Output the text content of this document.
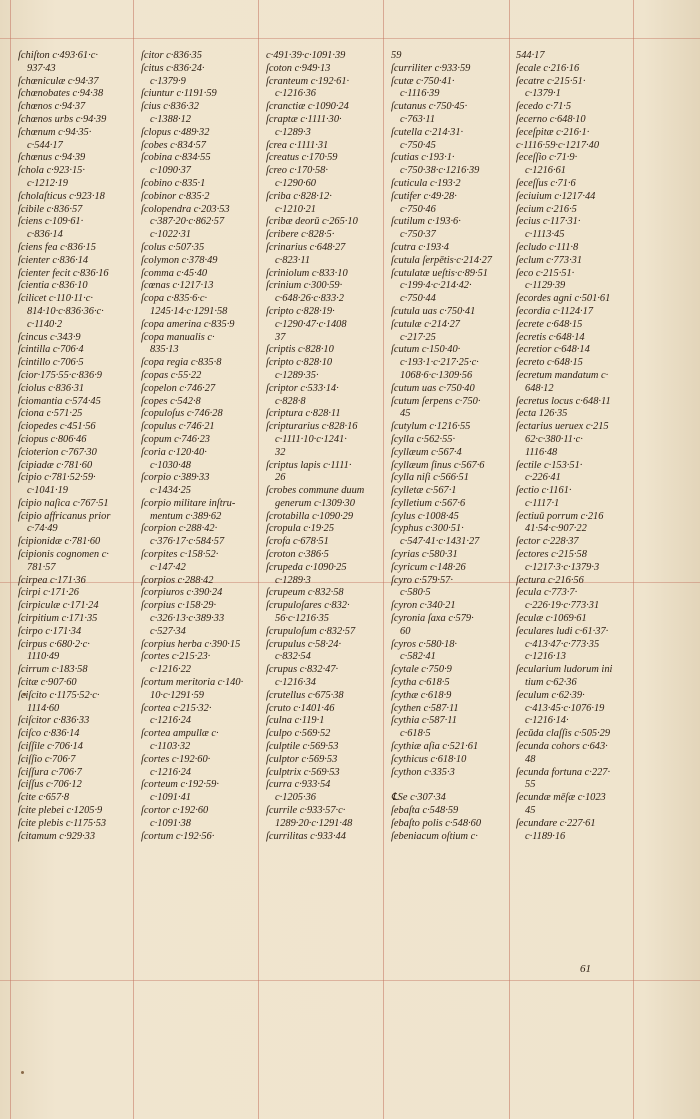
ſchiſton c·493·61·c·
937·43
ſchœniculæ c·94·37
ſchœnobates c·94·38
ſchœnos c·94·37
ſchœnos urbs c·94·39
ſchœnum c·94·35·
c·544·17
ſchœnus c·94·39
ſchola c·923·15·
c·1212·19
ſcholaſticus c·923·18
ſcibile c·836·57
ſciens c·109·61·
c·836·14
ſciens fea c·836·15
ſcienter c·836·14
ſcienter fecit c·836·16
ſcientia c·836·10
ſcilicet c·110·11·c·
814·10·c·836·36·c·
c·1140·2
ſcincus c·343·9
ſcintilla c·706·4
ſcintillo c·706·5
ſcior·175·55·c·836·9
ſciolus c·836·31
ſciomantia c·574·45
ſciona c·571·25
ſciopedes c·451·56
ſciopus c·806·46
ſcioterion c·767·30
ſcipiadæ c·781·60
ſcipio c·781·52·59·
c·1041·19
ſcipio naſica c·767·51
ſcipio affricanus prior
c·74·49
ſcipionidæ c·781·60
ſcipionis cognomen c·
781·57
ſcirpea c·171·36
ſcirpi c·171·26
ſcirpiculæ c·171·24
ſcirpitium c·171·35
ſcirpo c·171·34
ſcirpus c·680·2·c·
1110·49
ſcirrum c·183·58
ſcitæ c·907·60
ſciſcito c·1175·52·c·
1114·60
ſciſcitor c·836·33
ſciſco c·836·14
ſciſſile c·706·14
ſciſſio c·706·7
ſciſſura c·706·7
ſciſſus c·706·12
ſcite c·657·8
ſcite plebei c·1205·9
ſcite plebis c·1175·53
ſcitamum c·929·33
ſcitor c·836·35
ſcitus c·836·24·
c·1379·9
ſciuntur c·1191·59
ſcius c·836·32
c·1388·12
ſclopus c·489·32
ſcobes c·834·57
ſcobina c·834·55
c·1090·37
ſcobino c·835·1
ſcobinor c·835·2
ſcolopendra c·203·53
c·387·20·c·862·57
c·1022·31
ſcolus c·507·35
ſcolymon c·378·49
ſcomma c·45·40
ſcœnas c·1217·13
ſcopa c·835·6·c·
1245·14·c·1291·58
ſcopa amerina c·835·9
ſcopa manualis c·
835·13
ſcopa regia c·835·8
ſcopas c·55·22
ſcopelon c·746·27
ſcopes c·542·8
ſcopuloſus c·746·28
ſcopulus c·746·21
ſcopum c·746·23
ſcoria c·120·40·
c·1030·48
ſcorpio c·389·33
c·1434·25
ſcorpio militare inſtru-
mentum c·389·62
ſcorpion c·288·42·
c·376·17·c·584·57
ſcorpites c·158·52·
c·147·42
ſcorpios c·288·42
ſcorpiuros c·390·24
ſcorpius c·158·29·
c·326·13·c·389·33
c·527·34
ſcorpius herba c·390·15
ſcortes c·215·23·
c·1216·22
ſcortum meritoria c·140·
10·c·1291·59
ſcortea c·215·32·
c·1216·24
ſcortea ampullæ c·
c·1103·32
ſcortes c·192·60·
c·1216·24
ſcorteum c·192·59·
c·1091·41
ſcortor c·192·60
c·1091·38
ſcortum c·192·56·
c·491·39·c·1091·39
ſcoton c·949·13
ſcranteum c·192·61·
c·1216·36
ſcranctiæ c·1090·24
ſcraptæ c·1111·30·
c·1289·3
ſcrea c·1111·31
ſcreatus c·170·59
ſcreo c·170·58·
c·1290·60
ſcriba c·828·12·
c·1210·21
ſcribæ deorū c·265·10
ſcribere c·828·5·
ſcrinarius c·648·27
c·823·11
ſcriniolum c·833·10
ſcrinium c·300·59·
c·648·26·c·833·2
ſcripto c·828·19·
c·1290·47·c·1408
37
ſcriptis c·828·10
ſcripto c·828·10
c·1289·35·
ſcriptor c·533·14·
c·828·8
ſcriptura c·828·11
ſcripturarius c·828·16
c·1111·10·c·1241·
32
ſcriptus lapis c·1111·
26
ſcrobes commune duum
generum c·1309·30
ſcrotabilla c·1090·29
ſcropula c·19·25
ſcrofa c·678·51
ſcroton c·386·5
ſcrupeda c·1090·25
c·1289·3
ſcrupeum c·832·58
ſcrupuloſares c·832·
56·c·1216·35
ſcrupuloſum c·832·57
ſcrupulus c·58·24·
c·832·54
ſcrupus c·832·47·
c·1216·34
ſcrutellus c·675·38
ſcruto c·1401·46
ſculna c·119·1
ſculpo c·569·52
ſculptile c·569·53
ſculptor c·569·53
ſculptrix c·569·53
ſcurra c·933·54
c·1205·36
ſcurrile c·933·57·c·
1289·20·c·1291·48
ſcurrilitas c·933·44
59
ſcurriliter c·933·59
ſcutæ c·750·41·
c·1116·39
ſcutanus c·750·45·
c·763·11
ſcutella c·214·31·
c·750·45
ſcutias c·193·1·
c·750·38·c·1216·39
ſcuticula c·193·2
ſcutifer c·49·28·
c·750·46
ſcutilum c·193·6·
c·750·37
ſcutra c·193·4
ſcutula ſerpētis·c·214·27
ſcutulatæ ueſtis·c·89·51
c·199·4·c·214·42·
c·750·44
ſcutula uas c·750·41
ſcutulæ c·214·27
c·217·25
ſcutum c·150·40·
c·193·1·c·217·25·c·
1068·6·c·1309·56
ſcutum uas c·750·40
ſcutum ſerpens c·750·
45
ſcutylum c·1216·55
ſcylla c·562·55·
ſcyllæum c·567·4
ſcyllæum ſinus c·567·6
ſcylla niſi c·566·51
ſcylletæ c·567·1
ſcylletium c·567·6
ſcylus c·1008·45
ſcyphus c·300·51·
c·547·41·c·1431·27
ſcyrias c·580·31
ſcyricum c·148·26
ſcyro c·579·57·
c·580·5
ſcyron c·340·21
ſcyronia ſaxa c·579·
60
ſcyros c·580·18·
c·582·41
ſcytale c·750·9
ſcytha c·618·5
ſcythæ c·618·9
ſcythen c·587·11
ſcythia c·587·11
c·618·5
ſcythiæ aſia c·521·61
ſcythicus c·618·10
ſcython c·335·3
℄Se c·307·34
ſebaſta c·548·59
ſebaſto polis c·548·60
ſebeniacum oſtium c·
544·17
ſecale c·216·16
ſecatre c·215·51·
c·1379·1
ſecedo c·71·5
ſecerno c·648·10
ſeceſpitæ c·216·1·
c·1116·59·c·1217·40
ſeceſſio c·71·9·
c·1216·61
ſeceſſus c·71·6
ſeciuium c·1217·44
ſecium c·216·5
ſecius c·117·31·
c·1113·45
ſecludo c·111·8
ſeclum c·773·31
ſeco c·215·51·
c·1129·39
ſecordes agni c·501·61
ſecordia c·1124·17
ſecrete c·648·15
ſecretis c·648·14
ſecretior c·648·14
ſecreto c·648·15
ſecretum mandatum c·
648·12
ſecretus locus c·648·11
ſecta 126·35
ſectarius ueruex c·215
62·c·380·11·c·
1116·48
ſectile c·153·51·
c·226·41
ſectio c·1161·
c·1117·1
ſectiuū porrum c·216
41·54·c·907·22
ſector c·228·37
ſectores c·215·58
c·1217·3·c·1379·3
ſectura c·216·56
ſecula c·773·7·
c·226·19·c·773·31
ſeculæ c·1069·61
ſeculares ludi c·61·37·
c·413·47·c·773·35
c·1216·13
ſecularium ludorum ini
tium c·62·36
ſeculum c·62·39·
c·413·45·c·1076·19
c·1216·14·
ſecūda claſſis c·505·29
ſecunda cohors c·643·
48
ſecunda fortuna c·227·
55
ſecundæ mēſæ c·1023
45
ſecundare c·227·61
c·1189·16
61
